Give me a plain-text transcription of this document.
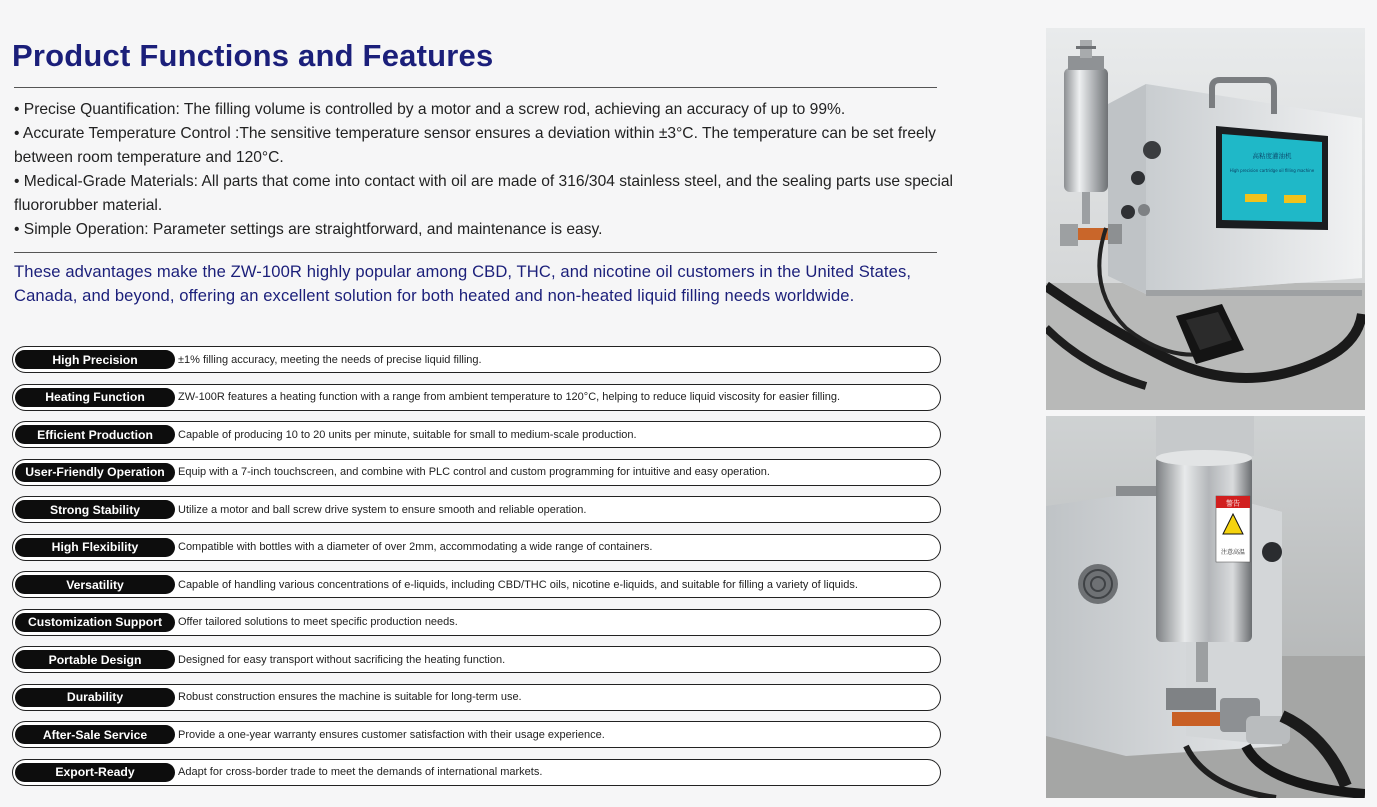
Product Functions and Features

• Precise Quantification: The filling volume is controlled by a motor and a screw rod, achieving an accuracy of up to 99%.

• Accurate Temperature Control :The sensitive temperature sensor ensures a deviation within ±3°C. The temperature can be set freely between room temperature and 120°C.

• Medical-Grade Materials: All parts that come into contact with oil are made of 316/304 stainless steel, and the sealing parts use special fluororubber material.

• Simple Operation: Parameter settings are straightforward, and maintenance is easy.

These advantages make the ZW-100R highly popular among CBD, THC, and nicotine oil customers in the United States, Canada, and beyond, offering an excellent solution for both heated and non-heated liquid filling needs worldwide.

High Precision	±1% filling accuracy, meeting the needs of precise liquid filling.
Heating Function	ZW-100R features a heating function with a range from ambient temperature to 120°C, helping to reduce liquid viscosity for easier filling.
Efficient Production	Capable of producing 10 to 20 units per minute, suitable for small to medium-scale production.
User-Friendly Operation	Equip with a 7-inch touchscreen, and combine with PLC control and custom programming for intuitive and easy operation.
Strong Stability	Utilize a motor and ball screw drive system to ensure smooth and reliable operation.
High Flexibility	Compatible with bottles with a diameter of over 2mm, accommodating a wide range of containers.
Versatility	Capable of handling various concentrations of e-liquids, including CBD/THC oils, nicotine e-liquids, and suitable for filling a variety of liquids.
Customization Support	Offer tailored solutions to meet specific production needs.
Portable Design	Designed for easy transport without sacrificing the heating function.
Durability	Robust construction ensures the machine is suitable for long-term use.
After-Sale Service	Provide a one-year warranty ensures customer satisfaction with their usage experience.
Export-Ready	Adapt for cross-border trade to meet the demands of international markets.
高粘度灌油机
High precision cartridge oil filling machine
警告
注意高温
